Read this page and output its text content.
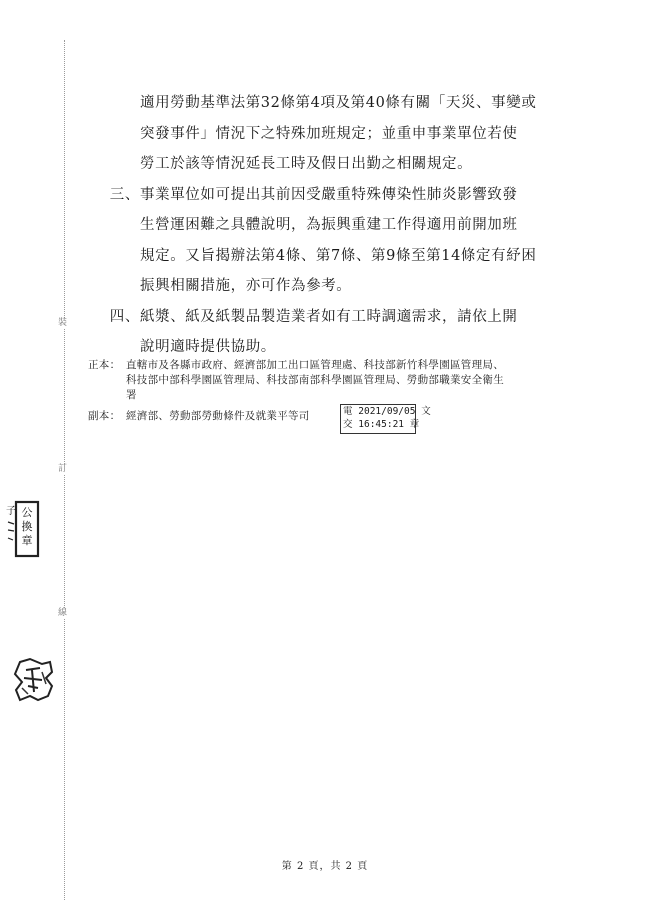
裝
訂
線
適用勞動基準法第32條第4項及第40條有關「天災、事變或
突發事件」情況下之特殊加班規定；並重申事業單位若使
勞工於該等情況延長工時及假日出勤之相關規定。
三、事業單位如可提出其前因受嚴重特殊傳染性肺炎影響致發
生營運困難之具體說明，為振興重建工作得適用前開加班
規定。又旨揭辦法第4條、第7條、第9條至第14條定有紓困
振興相關措施，亦可作為參考。
四、紙漿、紙及紙製品製造業者如有工時調適需求，請依上開
說明適時提供協助。
正本： 直轄市及各縣市政府、經濟部加工出口區管理處、科技部新竹科學園區管理局、
科技部中部科學園區管理局、科技部南部科學園區管理局、勞動部職業安全衛生
署
副本： 經濟部、勞動部勞動條件及就業平等司	電 2021/09/05 文
交 16:45:21 章
公
換
章
子
第 2 頁，共 2 頁
